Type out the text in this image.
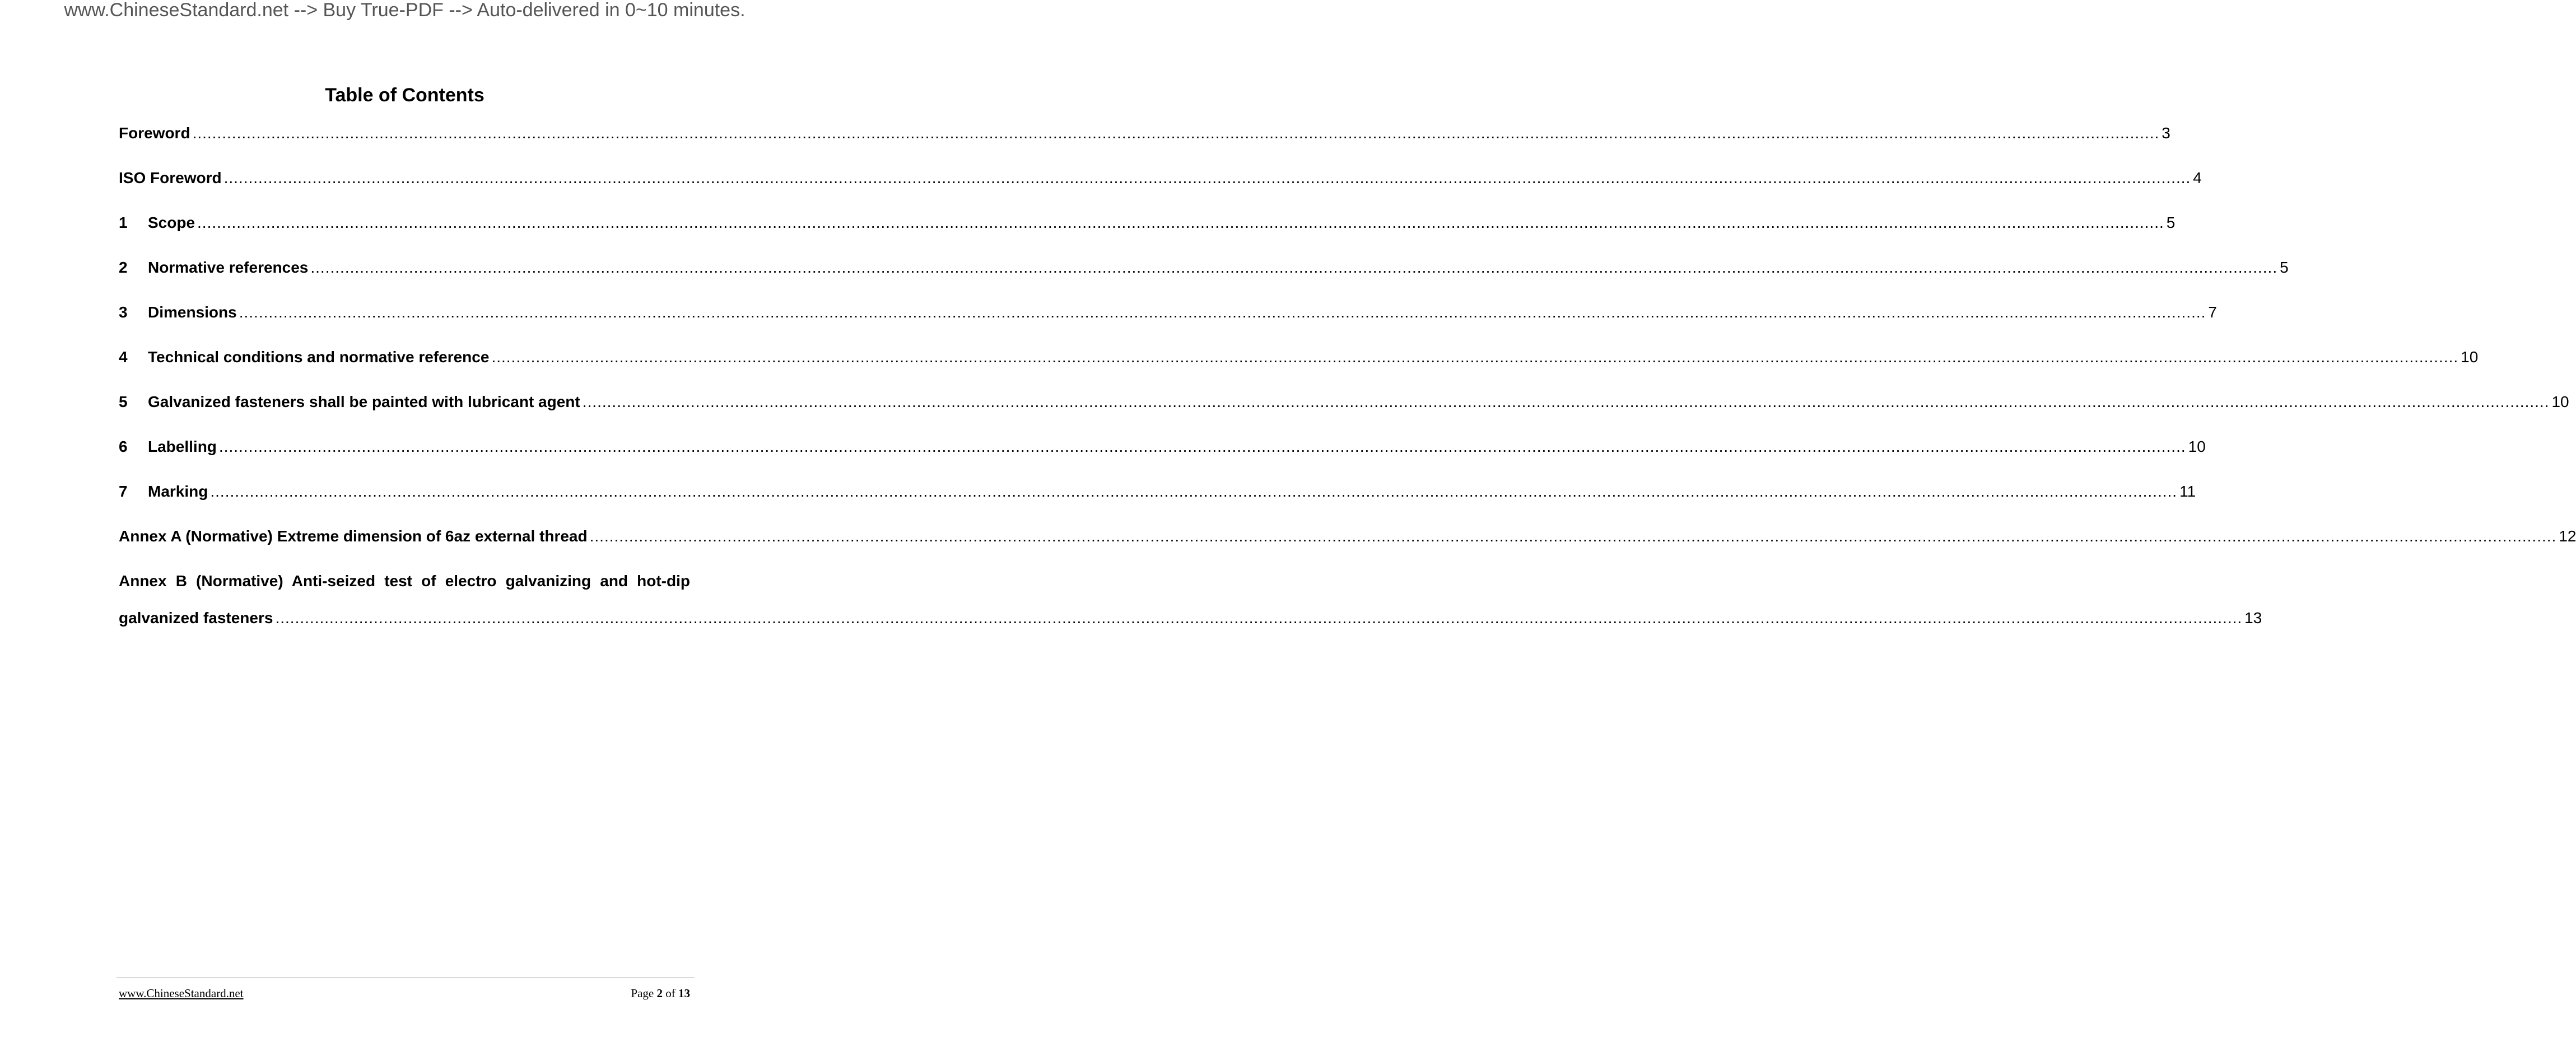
www.ChineseStandard.net --> Buy True-PDF --> Auto-delivered in 0~10 minutes.
Table of Contents
Foreword ................................................................................................................................................................................................................................................................................................................................................................................................................ 3
ISO Foreword ................................................................................................................................................................................................................................................................................................................................................................................................................ 4
1	Scope ................................................................................................................................................................................................................................................................................................................................................................................................................ 5
2	Normative references ................................................................................................................................................................................................................................................................................................................................................................................................................ 5
3	Dimensions ................................................................................................................................................................................................................................................................................................................................................................................................................ 7
4	Technical conditions and normative reference ................................................................................................................................................................................................................................................................................................................................................................................................................ 10
5	Galvanized fasteners shall be painted with lubricant agent ................................................................................................................................................................................................................................................................................................................................................................................................................ 10
6	Labelling ................................................................................................................................................................................................................................................................................................................................................................................................................ 10
7	Marking ................................................................................................................................................................................................................................................................................................................................................................................................................ 11
Annex A (Normative) Extreme dimension of 6az external thread ................................................................................................................................................................................................................................................................................................................................................................................................................ 12
Annex B (Normative) Anti-seized test of electro galvanizing and hot-dip
galvanized fasteners ................................................................................................................................................................................................................................................................................................................................................................................................................ 13
www.ChineseStandard.net	Page 2 of 13
